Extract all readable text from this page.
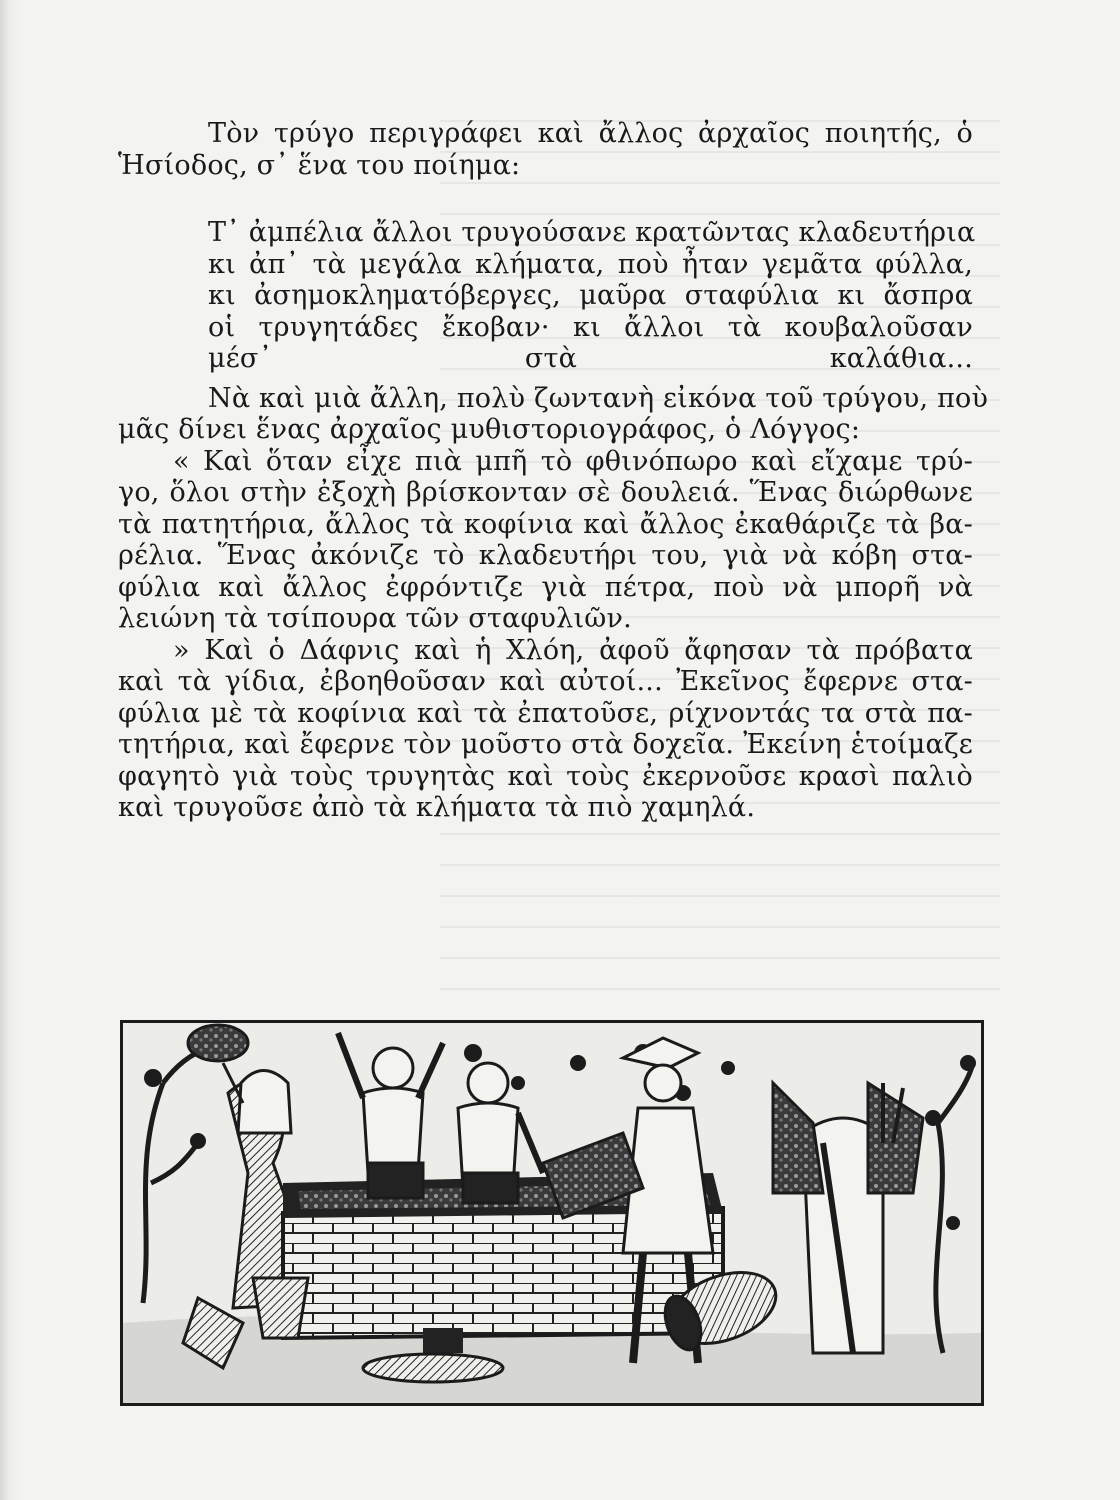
Τὸν τρύγο περιγράφει καὶ ἄλλος ἀρχαῖος ποιητής, ὁ
Ἡσίοδος, σ᾽ ἕνα του ποίημα:
Τ᾽ ἀμπέλια ἄλλοι τρυγούσανε κρατῶντας κλαδευτήρια
κι ἀπ᾽ τὰ μεγάλα κλήματα, ποὺ ἦταν γεμᾶτα φύλλα,
κι ἀσημοκληματόβεργες, μαῦρα σταφύλια κι ἄσπρα
οἱ τρυγητάδες ἔκοβαν· κι ἄλλοι τὰ κουβαλοῦσαν
μέσ᾽ στὰ καλάθια...
Νὰ καὶ μιὰ ἄλλη, πολὺ ζωντανὴ εἰκόνα τοῦ τρύγου, ποὺ
μᾶς δίνει ἕνας ἀρχαῖος μυθιστοριογράφος, ὁ Λόγγος:
« Καὶ ὅταν εἶχε πιὰ μπῆ τὸ φθινόπωρο καὶ εἴχαμε τρύ-
γο, ὅλοι στὴν ἐξοχὴ βρίσκονταν σὲ δουλειά. Ἕνας διώρθωνε
τὰ πατητήρια, ἄλλος τὰ κοφίνια καὶ ἄλλος ἐκαθάριζε τὰ βα-
ρέλια. Ἕνας ἀκόνιζε τὸ κλαδευτήρι του, γιὰ νὰ κόβη στα-
φύλια καὶ ἄλλος ἐφρόντιζε γιὰ πέτρα, ποὺ νὰ μπορῆ νὰ
λειώνη τὰ τσίπουρα τῶν σταφυλιῶν.
» Καὶ ὁ Δάφνις καὶ ἡ Χλόη, ἀφοῦ ἄφησαν τὰ πρόβατα
καὶ τὰ γίδια, ἐβοηθοῦσαν καὶ αὐτοί... Ἐκεῖνος ἔφερνε στα-
φύλια μὲ τὰ κοφίνια καὶ τὰ ἐπατοῦσε, ρίχνοντάς τα στὰ πα-
τητήρια, καὶ ἔφερνε τὸν μοῦστο στὰ δοχεῖα. Ἐκείνη ἑτοίμαζε
φαγητὸ γιὰ τοὺς τρυγητὰς καὶ τοὺς ἐκερνοῦσε κρασὶ παλιὸ
καὶ τρυγοῦσε ἀπὸ τὰ κλήματα τὰ πιὸ χαμηλά.
